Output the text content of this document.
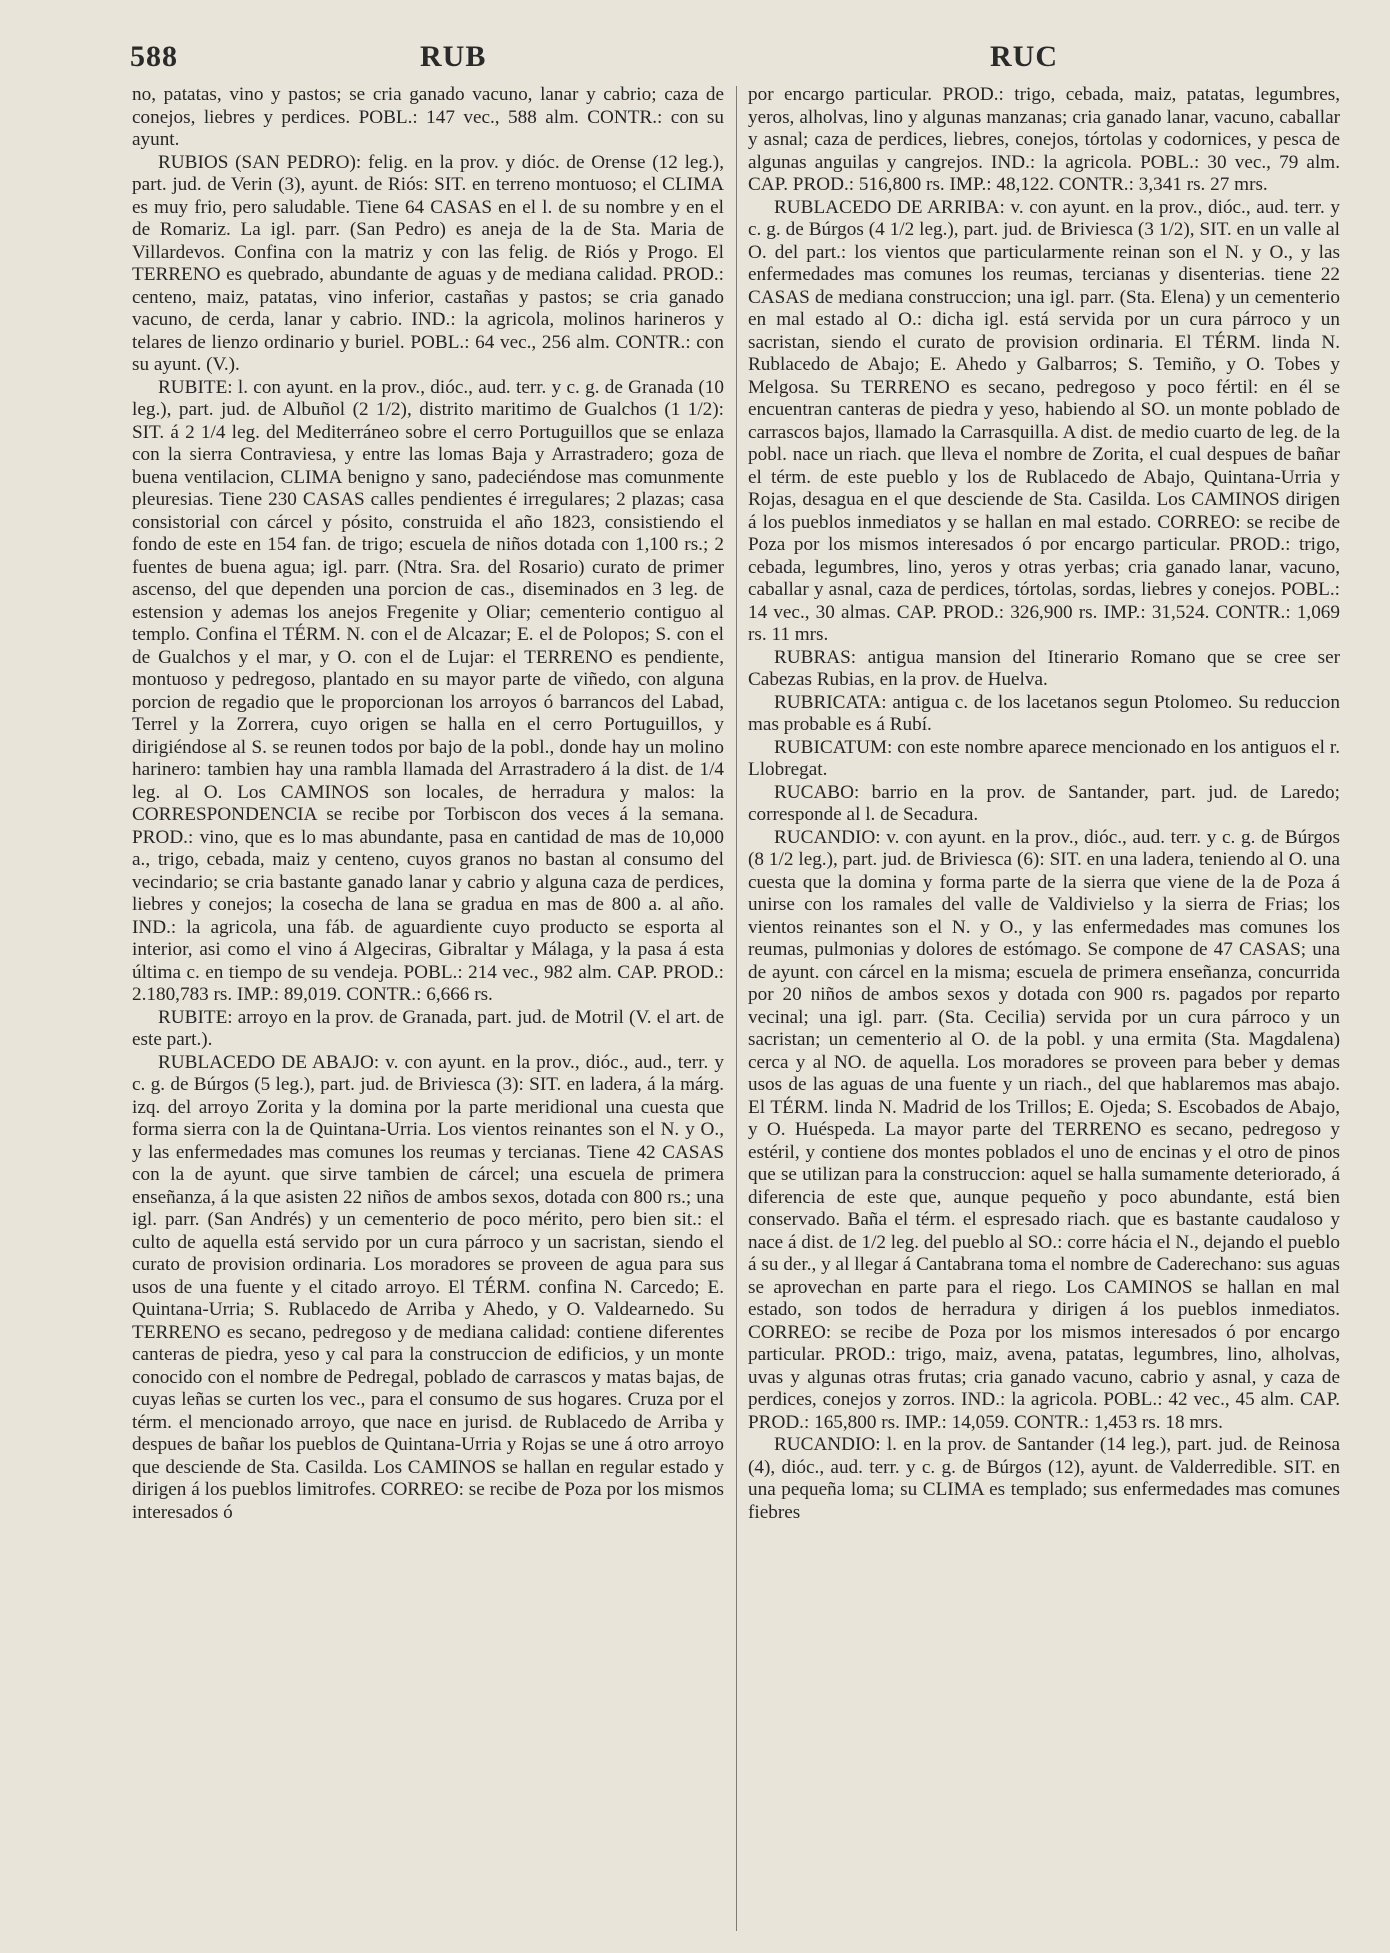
588	RUB	RUC

no, patatas, vino y pastos; se cria ganado vacuno, lanar y cabrio; caza de conejos, liebres y perdices. POBL.: 147 vec., 588 alm. CONTR.: con su ayunt.

RUBIOS (SAN PEDRO): felig. en la prov. y dióc. de Orense (12 leg.), part. jud. de Verin (3), ayunt. de Riós: SIT. en terreno montuoso; el CLIMA es muy frio, pero saludable. Tiene 64 CASAS en el l. de su nombre y en el de Romariz. La igl. parr. (San Pedro) es aneja de la de Sta. Maria de Villardevos. Confina con la matriz y con las felig. de Riós y Progo. El TERRENO es quebrado, abundante de aguas y de mediana calidad. PROD.: centeno, maiz, patatas, vino inferior, castañas y pastos; se cria ganado vacuno, de cerda, lanar y cabrio. IND.: la agricola, molinos harineros y telares de lienzo ordinario y buriel. POBL.: 64 vec., 256 alm. CONTR.: con su ayunt. (V.).

RUBITE: l. con ayunt. en la prov., dióc., aud. terr. y c. g. de Granada (10 leg.), part. jud. de Albuñol (2 1/2), distrito maritimo de Gualchos (1 1/2): SIT. á 2 1/4 leg. del Mediterráneo sobre el cerro Portuguillos que se enlaza con la sierra Contraviesa, y entre las lomas Baja y Arrastradero; goza de buena ventilacion, CLIMA benigno y sano, padeciéndose mas comunmente pleuresias. Tiene 230 CASAS calles pendientes é irregulares; 2 plazas; casa consistorial con cárcel y pósito, construida el año 1823, consistiendo el fondo de este en 154 fan. de trigo; escuela de niños dotada con 1,100 rs.; 2 fuentes de buena agua; igl. parr. (Ntra. Sra. del Rosario) curato de primer ascenso, del que dependen una porcion de cas., diseminados en 3 leg. de estension y ademas los anejos Fregenite y Oliar; cementerio contiguo al templo. Confina el TÉRM. N. con el de Alcazar; E. el de Polopos; S. con el de Gualchos y el mar, y O. con el de Lujar: el TERRENO es pendiente, montuoso y pedregoso, plantado en su mayor parte de viñedo, con alguna porcion de regadio que le proporcionan los arroyos ó barrancos del Labad, Terrel y la Zorrera, cuyo origen se halla en el cerro Portuguillos, y dirigiéndose al S. se reunen todos por bajo de la pobl., donde hay un molino harinero: tambien hay una rambla llamada del Arrastradero á la dist. de 1/4 leg. al O. Los CAMINOS son locales, de herradura y malos: la CORRESPONDENCIA se recibe por Torbiscon dos veces á la semana. PROD.: vino, que es lo mas abundante, pasa en cantidad de mas de 10,000 a., trigo, cebada, maiz y centeno, cuyos granos no bastan al consumo del vecindario; se cria bastante ganado lanar y cabrio y alguna caza de perdices, liebres y conejos; la cosecha de lana se gradua en mas de 800 a. al año. IND.: la agricola, una fáb. de aguardiente cuyo producto se esporta al interior, asi como el vino á Algeciras, Gibraltar y Málaga, y la pasa á esta última c. en tiempo de su vendeja. POBL.: 214 vec., 982 alm. CAP. PROD.: 2.180,783 rs. IMP.: 89,019. CONTR.: 6,666 rs.

RUBITE: arroyo en la prov. de Granada, part. jud. de Motril (V. el art. de este part.).

RUBLACEDO DE ABAJO: v. con ayunt. en la prov., dióc., aud., terr. y c. g. de Búrgos (5 leg.), part. jud. de Briviesca (3): SIT. en ladera, á la márg. izq. del arroyo Zorita y la domina por la parte meridional una cuesta que forma sierra con la de Quintana-Urria. Los vientos reinantes son el N. y O., y las enfermedades mas comunes los reumas y tercianas. Tiene 42 CASAS con la de ayunt. que sirve tambien de cárcel; una escuela de primera enseñanza, á la que asisten 22 niños de ambos sexos, dotada con 800 rs.; una igl. parr. (San Andrés) y un cementerio de poco mérito, pero bien sit.: el culto de aquella está servido por un cura párroco y un sacristan, siendo el curato de provision ordinaria. Los moradores se proveen de agua para sus usos de una fuente y el citado arroyo. El TÉRM. confina N. Carcedo; E. Quintana-Urria; S. Rublacedo de Arriba y Ahedo, y O. Valdearnedo. Su TERRENO es secano, pedregoso y de mediana calidad: contiene diferentes canteras de piedra, yeso y cal para la construccion de edificios, y un monte conocido con el nombre de Pedregal, poblado de carrascos y matas bajas, de cuyas leñas se curten los vec., para el consumo de sus hogares. Cruza por el térm. el mencionado arroyo, que nace en jurisd. de Rublacedo de Arriba y despues de bañar los pueblos de Quintana-Urria y Rojas se une á otro arroyo que desciende de Sta. Casilda. Los CAMINOS se hallan en regular estado y dirigen á los pueblos limitrofes. CORREO: se recibe de Poza por los mismos interesados ó

por encargo particular. PROD.: trigo, cebada, maiz, patatas, legumbres, yeros, alholvas, lino y algunas manzanas; cria ganado lanar, vacuno, caballar y asnal; caza de perdices, liebres, conejos, tórtolas y codornices, y pesca de algunas anguilas y cangrejos. IND.: la agricola. POBL.: 30 vec., 79 alm. CAP. PROD.: 516,800 rs. IMP.: 48,122. CONTR.: 3,341 rs. 27 mrs.

RUBLACEDO DE ARRIBA: v. con ayunt. en la prov., dióc., aud. terr. y c. g. de Búrgos (4 1/2 leg.), part. jud. de Briviesca (3 1/2), SIT. en un valle al O. del part.: los vientos que particularmente reinan son el N. y O., y las enfermedades mas comunes los reumas, tercianas y disenterias. tiene 22 CASAS de mediana construccion; una igl. parr. (Sta. Elena) y un cementerio en mal estado al O.: dicha igl. está servida por un cura párroco y un sacristan, siendo el curato de provision ordinaria. El TÉRM. linda N. Rublacedo de Abajo; E. Ahedo y Galbarros; S. Temiño, y O. Tobes y Melgosa. Su TERRENO es secano, pedregoso y poco fértil: en él se encuentran canteras de piedra y yeso, habiendo al SO. un monte poblado de carrascos bajos, llamado la Carrasquilla. A dist. de medio cuarto de leg. de la pobl. nace un riach. que lleva el nombre de Zorita, el cual despues de bañar el térm. de este pueblo y los de Rublacedo de Abajo, Quintana-Urria y Rojas, desagua en el que desciende de Sta. Casilda. Los CAMINOS dirigen á los pueblos inmediatos y se hallan en mal estado. CORREO: se recibe de Poza por los mismos interesados ó por encargo particular. PROD.: trigo, cebada, legumbres, lino, yeros y otras yerbas; cria ganado lanar, vacuno, caballar y asnal, caza de perdices, tórtolas, sordas, liebres y conejos. POBL.: 14 vec., 30 almas. CAP. PROD.: 326,900 rs. IMP.: 31,524. CONTR.: 1,069 rs. 11 mrs.

RUBRAS: antigua mansion del Itinerario Romano que se cree ser Cabezas Rubias, en la prov. de Huelva.

RUBRICATA: antigua c. de los lacetanos segun Ptolomeo. Su reduccion mas probable es á Rubí.

RUBICATUM: con este nombre aparece mencionado en los antiguos el r. Llobregat.

RUCABO: barrio en la prov. de Santander, part. jud. de Laredo; corresponde al l. de Secadura.

RUCANDIO: v. con ayunt. en la prov., dióc., aud. terr. y c. g. de Búrgos (8 1/2 leg.), part. jud. de Briviesca (6): SIT. en una ladera, teniendo al O. una cuesta que la domina y forma parte de la sierra que viene de la de Poza á unirse con los ramales del valle de Valdivielso y la sierra de Frias; los vientos reinantes son el N. y O., y las enfermedades mas comunes los reumas, pulmonias y dolores de estómago. Se compone de 47 CASAS; una de ayunt. con cárcel en la misma; escuela de primera enseñanza, concurrida por 20 niños de ambos sexos y dotada con 900 rs. pagados por reparto vecinal; una igl. parr. (Sta. Cecilia) servida por un cura párroco y un sacristan; un cementerio al O. de la pobl. y una ermita (Sta. Magdalena) cerca y al NO. de aquella. Los moradores se proveen para beber y demas usos de las aguas de una fuente y un riach., del que hablaremos mas abajo. El TÉRM. linda N. Madrid de los Trillos; E. Ojeda; S. Escobados de Abajo, y O. Huéspeda. La mayor parte del TERRENO es secano, pedregoso y estéril, y contiene dos montes poblados el uno de encinas y el otro de pinos que se utilizan para la construccion: aquel se halla sumamente deteriorado, á diferencia de este que, aunque pequeño y poco abundante, está bien conservado. Baña el térm. el espresado riach. que es bastante caudaloso y nace á dist. de 1/2 leg. del pueblo al SO.: corre hácia el N., dejando el pueblo á su der., y al llegar á Cantabrana toma el nombre de Caderechano: sus aguas se aprovechan en parte para el riego. Los CAMINOS se hallan en mal estado, son todos de herradura y dirigen á los pueblos inmediatos. CORREO: se recibe de Poza por los mismos interesados ó por encargo particular. PROD.: trigo, maiz, avena, patatas, legumbres, lino, alholvas, uvas y algunas otras frutas; cria ganado vacuno, cabrio y asnal, y caza de perdices, conejos y zorros. IND.: la agricola. POBL.: 42 vec., 45 alm. CAP. PROD.: 165,800 rs. IMP.: 14,059. CONTR.: 1,453 rs. 18 mrs.

RUCANDIO: l. en la prov. de Santander (14 leg.), part. jud. de Reinosa (4), dióc., aud. terr. y c. g. de Búrgos (12), ayunt. de Valderredible. SIT. en una pequeña loma; su CLIMA es templado; sus enfermedades mas comunes fiebres
